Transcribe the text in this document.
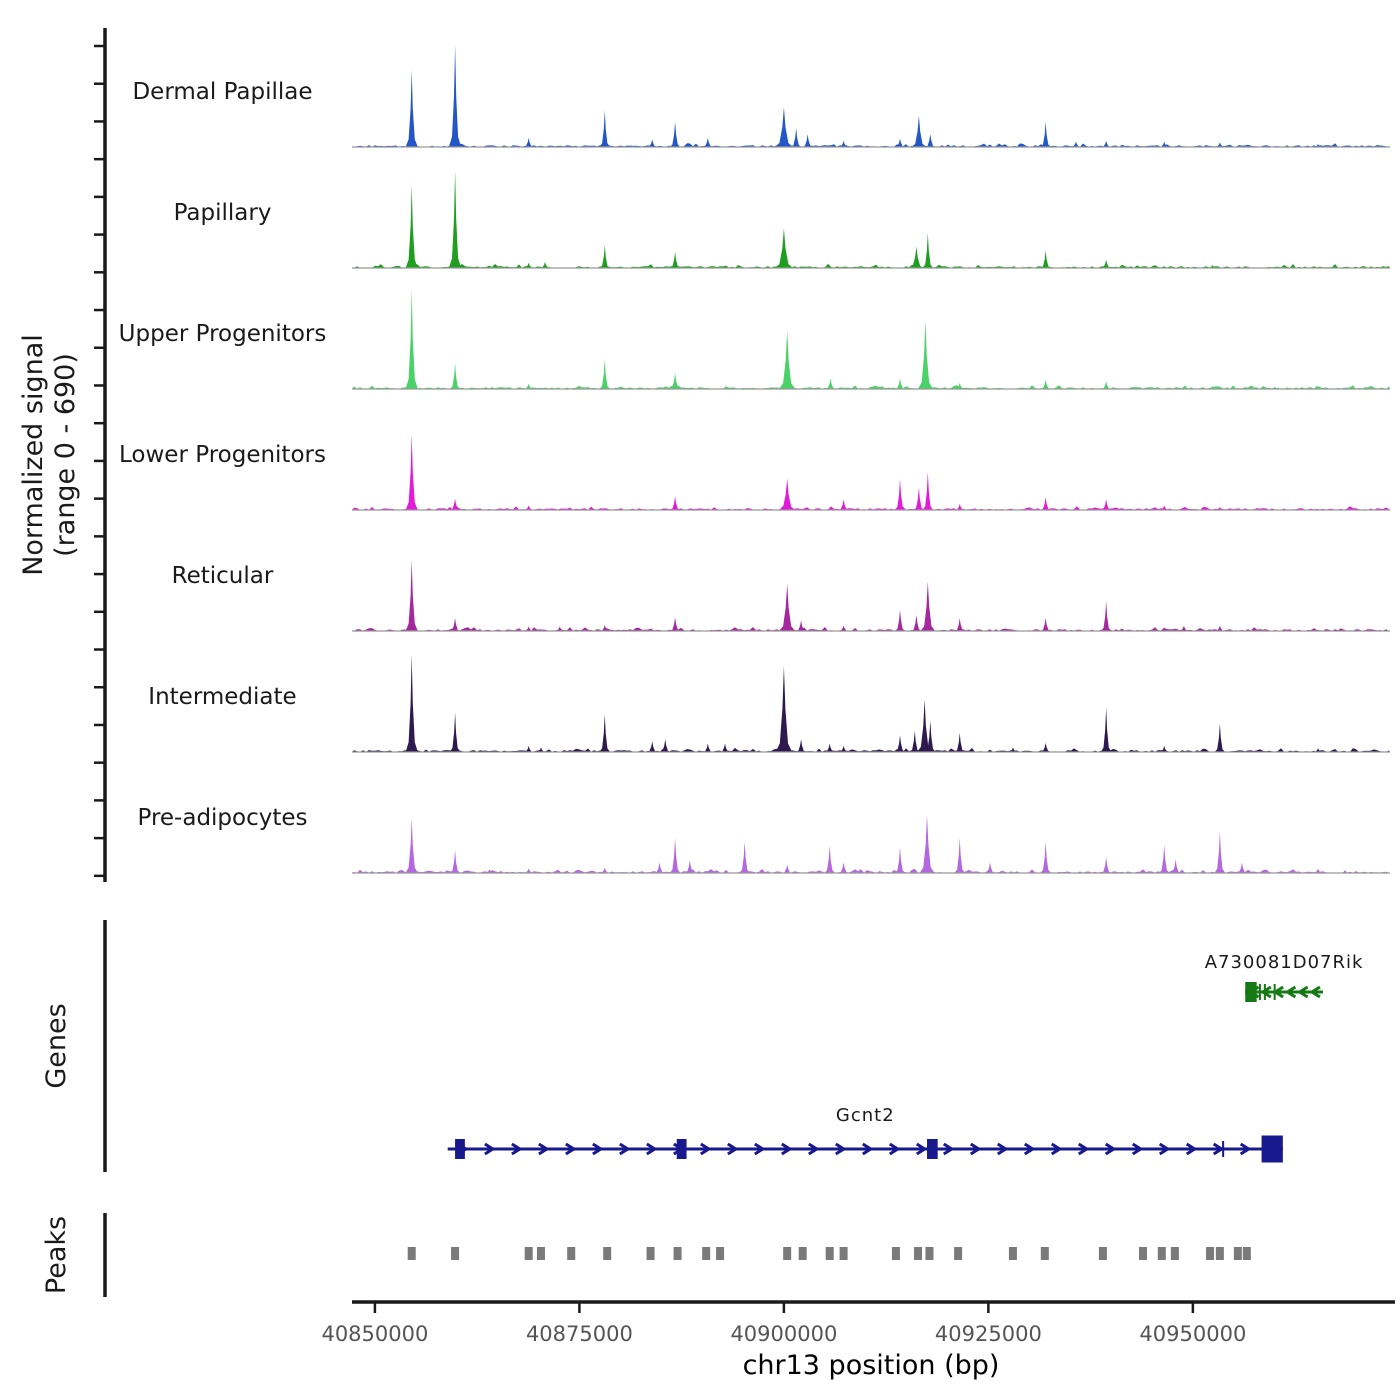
A730081D07Rik
Gcnt2
40850000	40875000	40900000	40925000	40950000
Normalized signal (range 0 - 690)
Genes
Peaks
Dermal Papillae
Papillary
Upper Progenitors
Lower Progenitors
Reticular
Intermediate
Pre-adipocytes
chr13 position (bp)
